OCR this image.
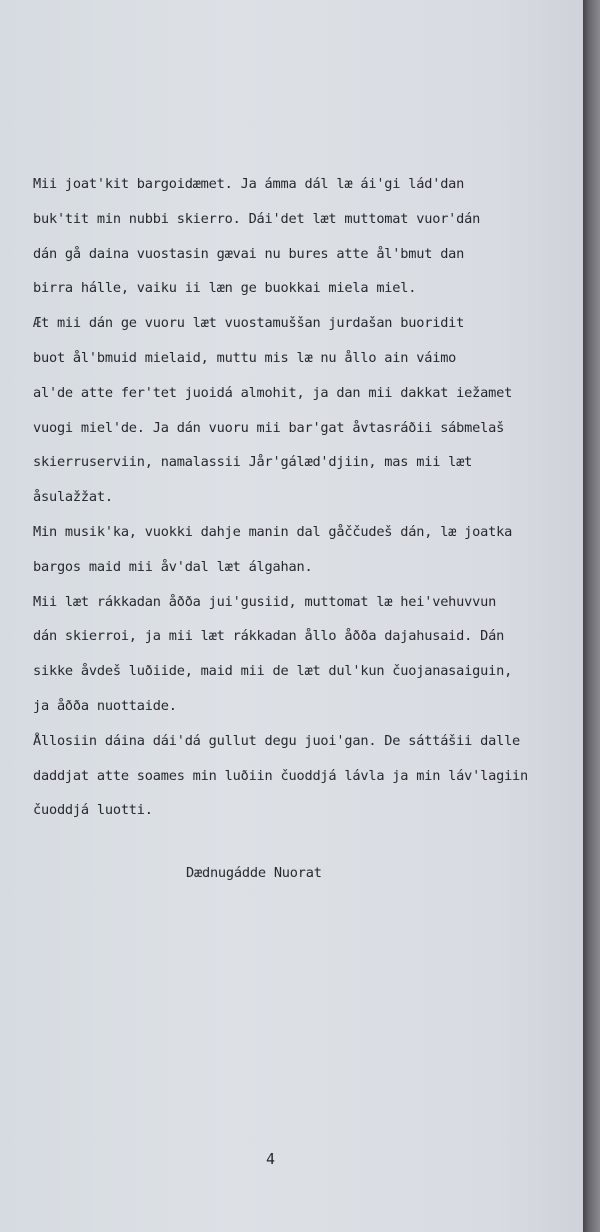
Mii joat'kit bargoidæmet. Ja ámma dál læ ái'gi lád'dan
buk'tit min nubbi skierro. Dái'det læt muttomat vuor'dán
dán gå daina vuostasin gævai nu bures atte ål'bmut dan
birra hálle, vaiku ii læn ge buokkai miela miel.
Æt mii dán ge vuoru læt vuostamuššan jurdašan buoridit
buot ål'bmuid mielaid, muttu mis læ nu ållo ain váimo
al'de atte fer'tet juoidá almohit, ja dan mii dakkat iežamet
vuogi miel'de. Ja dán vuoru mii bar'gat åvtasráðii sábmelaš
skierruserviin, namalassii Jår'gálæd'djiin, mas mii læt
åsulažžat.
Min musik'ka, vuokki dahje manin dal gåččudeš dán, læ joatka
bargos maid mii åv'dal læt álgahan.
Mii læt rákkadan åððа jui'gusiid, muttomat læ hei'vehuvvun
dán skierroi, ja mii læt rákkadan ållo åððа dajahusaid. Dán
sikke åvdeš luðiide, maid mii de læt dul'kun čuojanasaiguin,
ja åððа nuottaide.
Ållosiin dáina dái'dá gullut degu juoi'gan. De sáttášii dalle
daddjat atte soames min luðiin čuoddjá lávla ja min láv'lagiin
čuoddjá luotti.
Dædnugádde Nuorat
4
